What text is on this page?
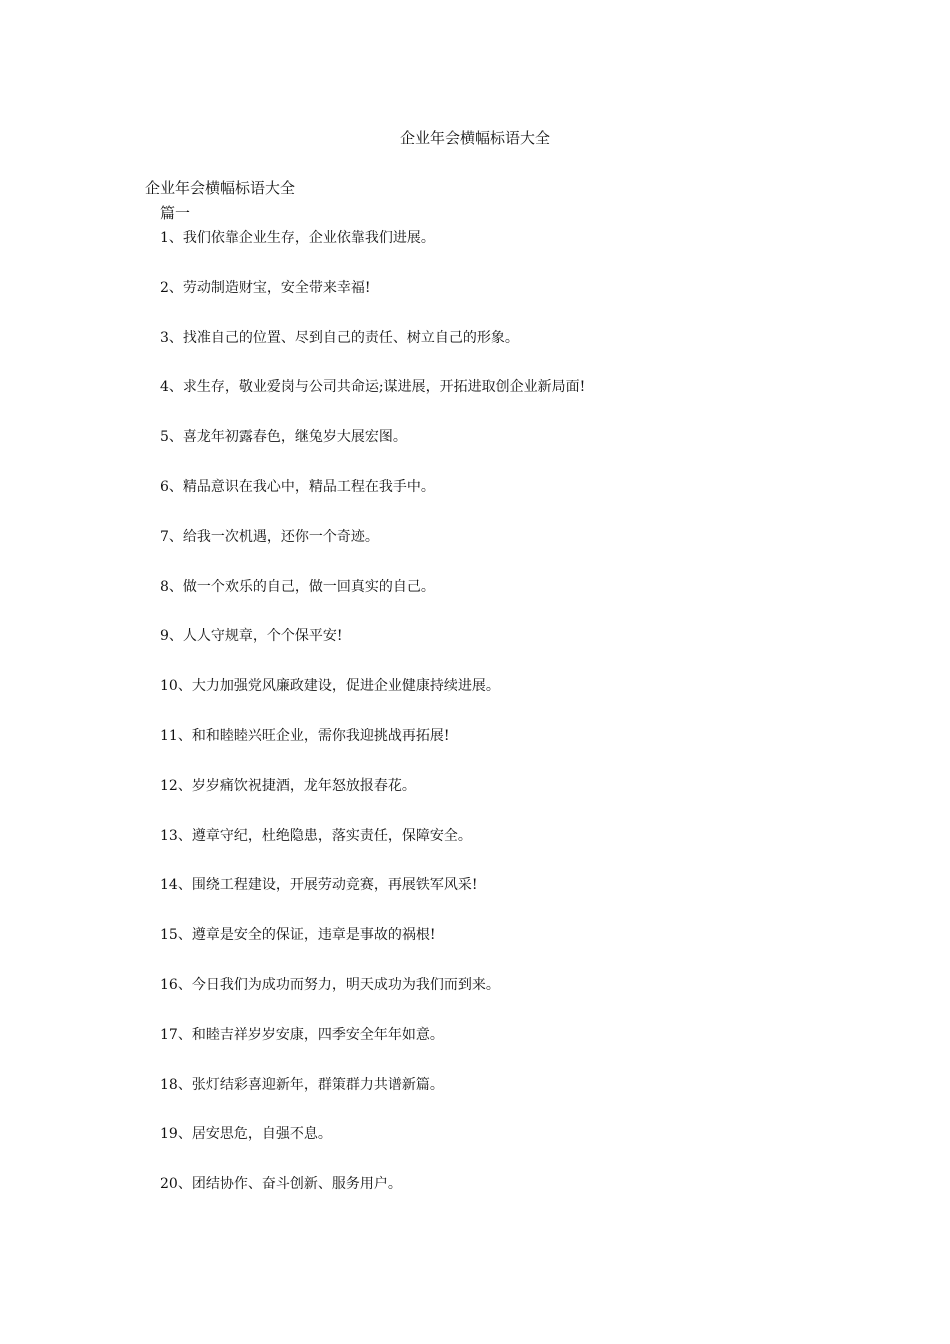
企业年会横幅标语大全
企业年会横幅标语大全
篇一
1、我们依靠企业生存，企业依靠我们进展。
2、劳动制造财宝，安全带来幸福!
3、找准自己的位置、尽到自己的责任、树立自己的形象。
4、求生存，敬业爱岗与公司共命运;谋进展，开拓进取创企业新局面!
5、喜龙年初露春色，继兔岁大展宏图。
6、精品意识在我心中，精品工程在我手中。
7、给我一次机遇，还你一个奇迹。
8、做一个欢乐的自己，做一回真实的自己。
9、人人守规章，个个保平安!
10、大力加强党风廉政建设，促进企业健康持续进展。
11、和和睦睦兴旺企业，需你我迎挑战再拓展!
12、岁岁痛饮祝捷酒，龙年怒放报春花。
13、遵章守纪，杜绝隐患，落实责任，保障安全。
14、围绕工程建设，开展劳动竞赛，再展铁军风采!
15、遵章是安全的保证，违章是事故的祸根!
16、今日我们为成功而努力，明天成功为我们而到来。
17、和睦吉祥岁岁安康，四季安全年年如意。
18、张灯结彩喜迎新年，群策群力共谱新篇。
19、居安思危，自强不息。
20、团结协作、奋斗创新、服务用户。
